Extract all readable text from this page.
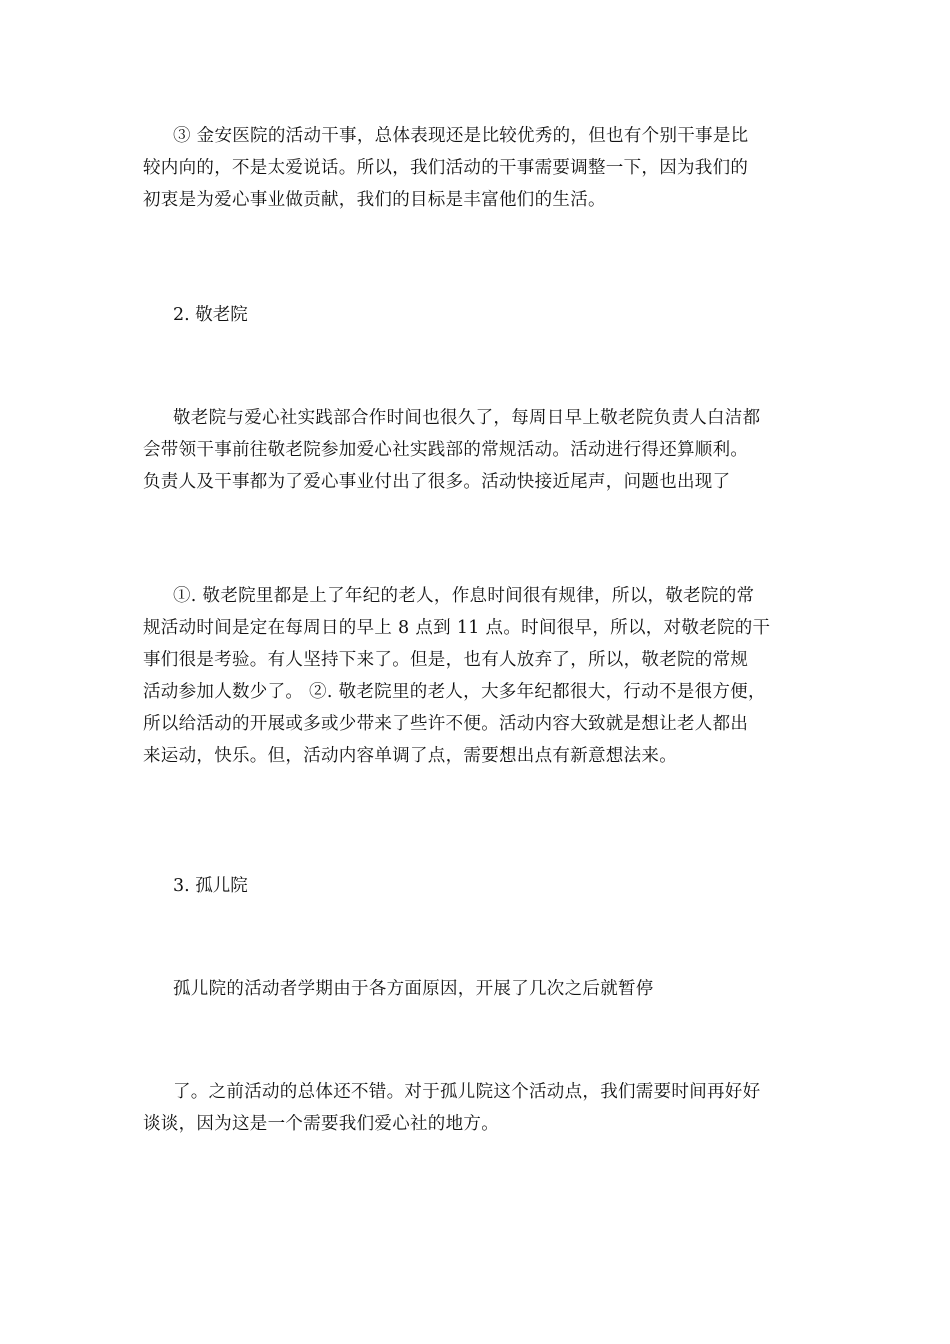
③ 金安医院的活动干事，总体表现还是比较优秀的，但也有个别干事是比
较内向的，不是太爱说话。所以，我们活动的干事需要调整一下，因为我们的
初衷是为爱心事业做贡献，我们的目标是丰富他们的生活。
2. 敬老院
敬老院与爱心社实践部合作时间也很久了，每周日早上敬老院负责人白洁都
会带领干事前往敬老院参加爱心社实践部的常规活动。活动进行得还算顺利。
负责人及干事都为了爱心事业付出了很多。活动快接近尾声，问题也出现了
①. 敬老院里都是上了年纪的老人，作息时间很有规律，所以，敬老院的常
规活动时间是定在每周日的早上 8 点到 11 点。时间很早，所以，对敬老院的干
事们很是考验。有人坚持下来了。但是，也有人放弃了，所以，敬老院的常规
活动参加人数少了。 ②. 敬老院里的老人，大多年纪都很大，行动不是很方便，
所以给活动的开展或多或少带来了些许不便。活动内容大致就是想让老人都出
来运动，快乐。但，活动内容单调了点，需要想出点有新意想法来。
3. 孤儿院
孤儿院的活动者学期由于各方面原因，开展了几次之后就暂停
了。之前活动的总体还不错。对于孤儿院这个活动点，我们需要时间再好好
谈谈，因为这是一个需要我们爱心社的地方。
